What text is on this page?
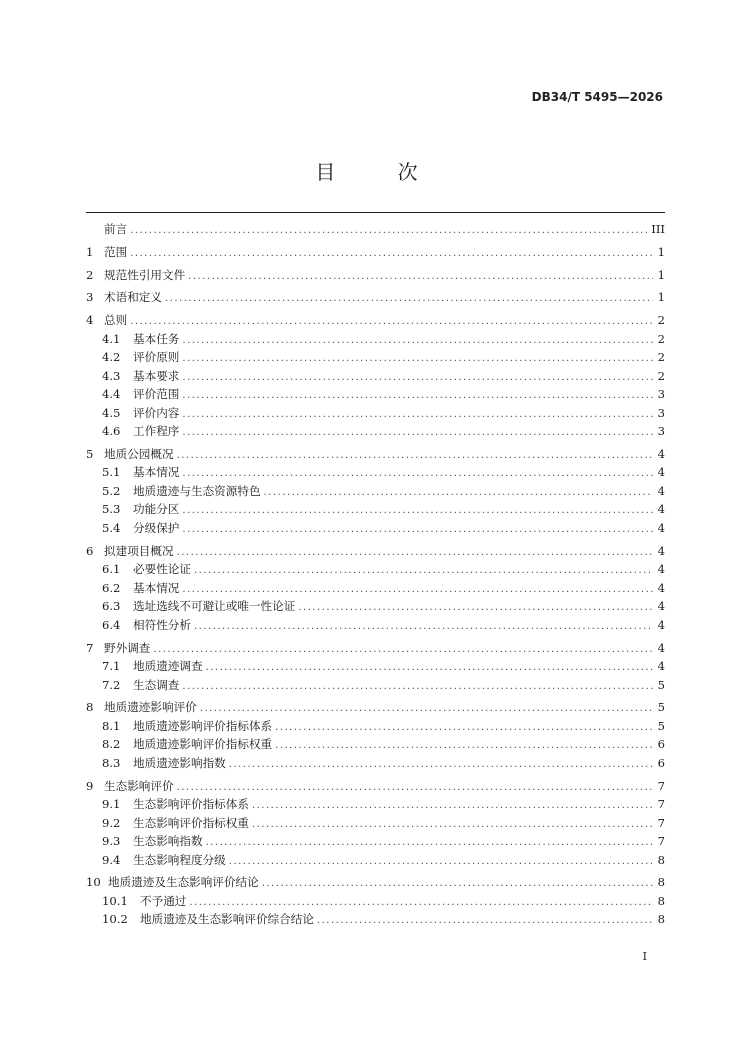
DB34/T 5495—2026
目 次
前言 .....	III
1 范围 .....	1
2 规范性引用文件 .....	1
3 术语和定义 .....	1
4 总则 .....	2
4.1	基本任务 .....	2
4.2	评价原则 .....	2
4.3	基本要求 .....	2
4.4	评价范围 .....	3
4.5	评价内容 .....	3
4.6	工作程序 .....	3
5 地质公园概况 .....	4
5.1	基本情况 .....	4
5.2	地质遗迹与生态资源特色 .....	4
5.3	功能分区 .....	4
5.4	分级保护 .....	4
6 拟建项目概况 .....	4
6.1	必要性论证 .....	4
6.2	基本情况 .....	4
6.3	选址选线不可避让或唯一性论证 .....	4
6.4	相符性分析 .....	4
7 野外调查 .....	4
7.1	地质遗迹调查 .....	4
7.2	生态调查 .....	5
8 地质遗迹影响评价 .....	5
8.1	地质遗迹影响评价指标体系 .....	5
8.2	地质遗迹影响评价指标权重 .....	6
8.3	地质遗迹影响指数 .....	6
9 生态影响评价 .....	7
9.1	生态影响评价指标体系 .....	7
9.2	生态影响评价指标权重 .....	7
9.3	生态影响指数 .....	7
9.4	生态影响程度分级 .....	8
10 地质遗迹及生态影响评价结论 .....	8
10.1	不予通过 .....	8
10.2	地质遗迹及生态影响评价综合结论 .....	8
I
